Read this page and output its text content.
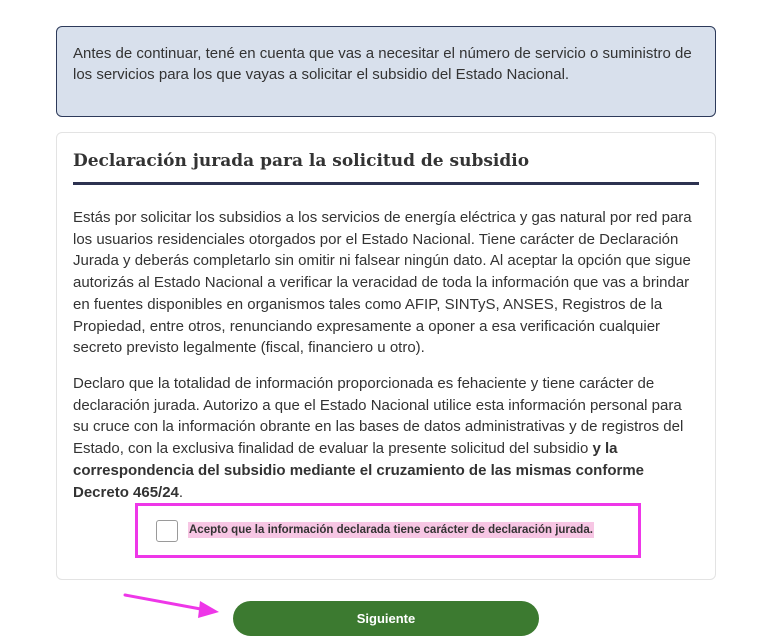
Antes de continuar, tené en cuenta que vas a necesitar el número de servicio o suministro de los servicios para los que vayas a solicitar el subsidio del Estado Nacional.

Declaración jurada para la solicitud de subsidio

Estás por solicitar los subsidios a los servicios de energía eléctrica y gas natural por red para los usuarios residenciales otorgados por el Estado Nacional. Tiene carácter de Declaración Jurada y deberás completarlo sin omitir ni falsear ningún dato. Al aceptar la opción que sigue autorizás al Estado Nacional a verificar la veracidad de toda la información que vas a brindar en fuentes disponibles en organismos tales como AFIP, SINTyS, ANSES, Registros de la Propiedad, entre otros, renunciando expresamente a oponer a esa verificación cualquier secreto previsto legalmente (fiscal, financiero u otro).

Declaro que la totalidad de información proporcionada es fehaciente y tiene carácter de declaración jurada. Autorizo a que el Estado Nacional utilice esta información personal para su cruce con la información obrante en las bases de datos administrativas y de registros del Estado, con la exclusiva finalidad de evaluar la presente solicitud del subsidio y la correspondencia del subsidio mediante el cruzamiento de las mismas conforme Decreto 465/24.

Acepto que la información declarada tiene carácter de declaración jurada.
Siguiente
